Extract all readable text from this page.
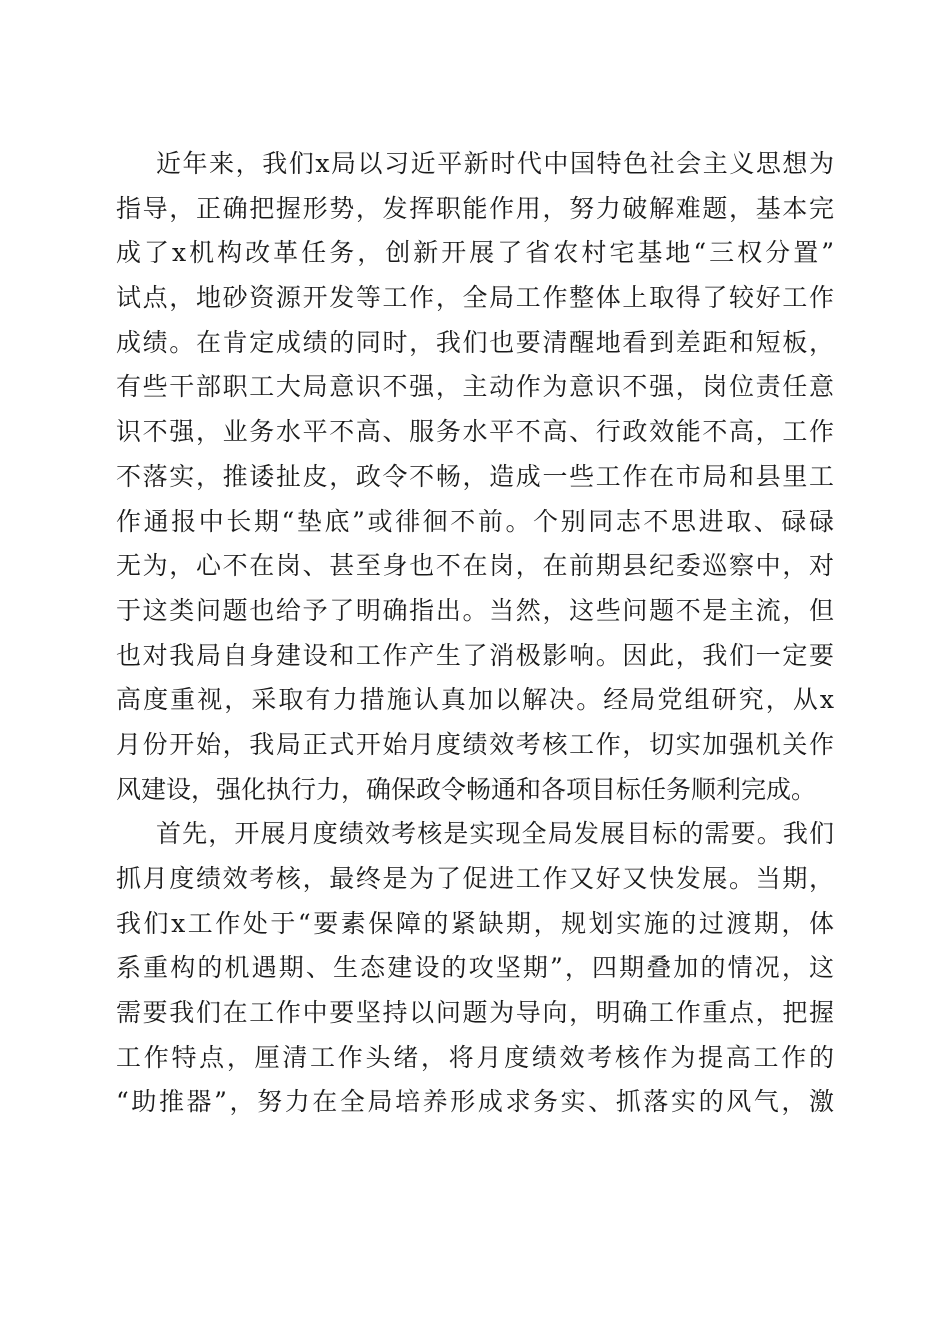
近年来，我们x局以习近平新时代中国特色社会主义思想为
指导，正确把握形势，发挥职能作用，努力破解难题，基本完
成了x机构改革任务，创新开展了省农村宅基地“三权分置”
试点，地砂资源开发等工作，全局工作整体上取得了较好工作
成绩。在肯定成绩的同时，我们也要清醒地看到差距和短板，
有些干部职工大局意识不强，主动作为意识不强，岗位责任意
识不强，业务水平不高、服务水平不高、行政效能不高，工作
不落实，推诿扯皮，政令不畅，造成一些工作在市局和县里工
作通报中长期“垫底”或徘徊不前。个别同志不思进取、碌碌
无为，心不在岗、甚至身也不在岗，在前期县纪委巡察中，对
于这类问题也给予了明确指出。当然，这些问题不是主流，但
也对我局自身建设和工作产生了消极影响。因此，我们一定要
高度重视，采取有力措施认真加以解决。经局党组研究，从x
月份开始，我局正式开始月度绩效考核工作，切实加强机关作
风建设，强化执行力，确保政令畅通和各项目标任务顺利完成。
首先，开展月度绩效考核是实现全局发展目标的需要。我们
抓月度绩效考核，最终是为了促进工作又好又快发展。当期，
我们x工作处于“要素保障的紧缺期，规划实施的过渡期，体
系重构的机遇期、生态建设的攻坚期”，四期叠加的情况，这
需要我们在工作中要坚持以问题为导向，明确工作重点，把握
工作特点，厘清工作头绪，将月度绩效考核作为提高工作的
“助推器”，努力在全局培养形成求务实、抓落实的风气，激
